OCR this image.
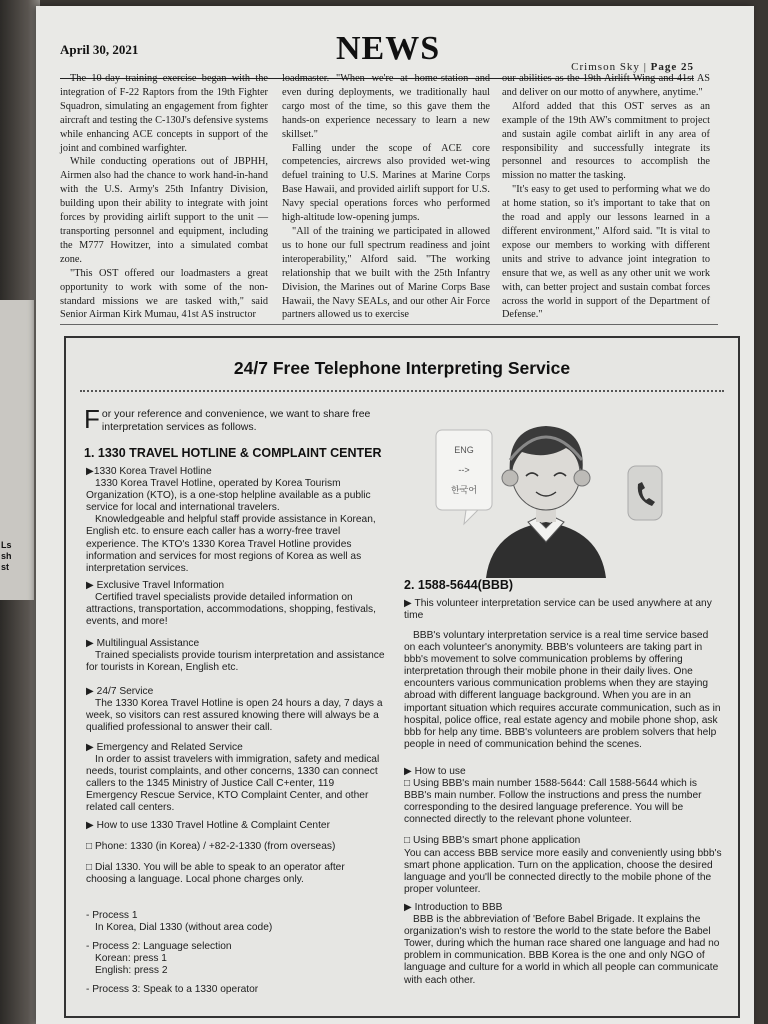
Ls
sh
st
April 30, 2021	NEWS	Crimson Sky | Page 25

The 10-day training exercise began with the integration of F-22 Raptors from the 19th Fighter Squadron, simulating an engagement from fighter aircraft and testing the C-130J's defensive systems while enhancing ACE concepts in support of the joint and combined warfighter.

While conducting operations out of JBPHH, Airmen also had the chance to work hand-in-hand with the U.S. Army's 25th Infantry Division, building upon their ability to integrate with joint forces by providing airlift support to the unit — transporting personnel and equipment, including the M777 Howitzer, into a simulated combat zone.

"This OST offered our loadmasters a great opportunity to work with some of the non-standard missions we are tasked with," said Senior Airman Kirk Mumau, 41st AS instructor

loadmaster. "When we're at home-station and even during deployments, we traditionally haul cargo most of the time, so this gave them the hands-on experience necessary to learn a new skillset."

Falling under the scope of ACE core competencies, aircrews also provided wet-wing defuel training to U.S. Marines at Marine Corps Base Hawaii, and provided airlift support for U.S. Navy special operations forces who performed high-altitude low-opening jumps.

"All of the training we participated in allowed us to hone our full spectrum readiness and joint interoperability," Alford said. "The working relationship that we built with the 25th Infantry Division, the Marines out of Marine Corps Base Hawaii, the Navy SEALs, and our other Air Force partners allowed us to exercise

our abilities as the 19th Airlift Wing and 41st AS and deliver on our motto of anywhere, anytime."

Alford added that this OST serves as an example of the 19th AW's commitment to project and sustain agile combat airlift in any area of responsibility and successfully integrate its personnel and resources to accomplish the mission no matter the tasking.

"It's easy to get used to performing what we do at home station, so it's important to take that on the road and apply our lessons learned in a different environment," Alford said. "It is vital to expose our members to working with different units and strive to advance joint integration to ensure that we, as well as any other unit we work with, can better project and sustain combat forces across the world in support of the Department of Defense."

24/7 Free Telephone Interpreting Service
For your reference and convenience, we want to share free interpretation services as follows.
1. 1330 TRAVEL HOTLINE & COMPLAINT CENTER

▶1330 Korea Travel Hotline

1330 Korea Travel Hotline, operated by Korea Tourism Organization (KTO), is a one-stop helpline available as a public service for local and international travelers.

Knowledgeable and helpful staff provide assistance in Korean, English etc. to ensure each caller has a worry-free travel experience. The KTO's 1330 Korea Travel Hotline provides information and services for most regions of Korea as well as interpretation services.

▶ Exclusive Travel Information

Certified travel specialists provide detailed information on attractions, transportation, accommodations, shopping, festivals, events, and more!

▶ Multilingual Assistance

Trained specialists provide tourism interpretation and assistance for tourists in Korean, English etc.

▶ 24/7 Service

The 1330 Korea Travel Hotline is open 24 hours a day, 7 days a week, so visitors can rest assured knowing there will always be a qualified professional to answer their call.

▶ Emergency and Related Service

In order to assist travelers with immigration, safety and medical needs, tourist complaints, and other concerns, 1330 can connect callers to the 1345 Ministry of Justice Call C+enter, 119 Emergency Rescue Service, KTO Complaint Center, and other related call centers.

▶ How to use 1330 Travel Hotline & Complaint Center

□ Phone: 1330 (in Korea) / +82-2-1330 (from overseas)

□ Dial 1330. You will be able to speak to an operator after choosing a language. Local phone charges only.

- Process 1

In Korea, Dial 1330 (without area code)

- Process 2: Language selection

Korean: press 1

English: press 2

- Process 3: Speak to a 1330 operator

ENG
-->
한국어
2. 1588-5644(BBB)

▶ This volunteer interpretation service can be used anywhere at any time

BBB's voluntary interpretation service is a real time service based on each volunteer's anonymity. BBB's volunteers are taking part in bbb's movement to solve communication problems by offering interpretation through their mobile phone in their daily lives. One encounters various communication problems when they are staying abroad with different language background. When you are in an important situation which requires accurate communication, such as in hospital, police office, real estate agency and mobile phone shop, ask bbb for help any time. BBB's volunteers are problem solvers that help people in need of communication behind the scenes.

▶ How to use

□ Using BBB's main number 1588-5644: Call 1588-5644 which is BBB's main number. Follow the instructions and press the number corresponding to the desired language preference. You will be connected directly to the relevant phone volunteer.

□ Using BBB's smart phone application

You can access BBB service more easily and conveniently using bbb's smart phone application. Turn on the application, choose the desired language and you'll be connected directly to the mobile phone of the proper volunteer.

▶ Introduction to BBB

BBB is the abbreviation of 'Before Babel Brigade. It explains the organization's wish to restore the world to the state before the Babel Tower, during which the human race shared one language and had no problem in communication. BBB Korea is the one and only NGO of language and culture for a world in which all people can communicate with each other.
